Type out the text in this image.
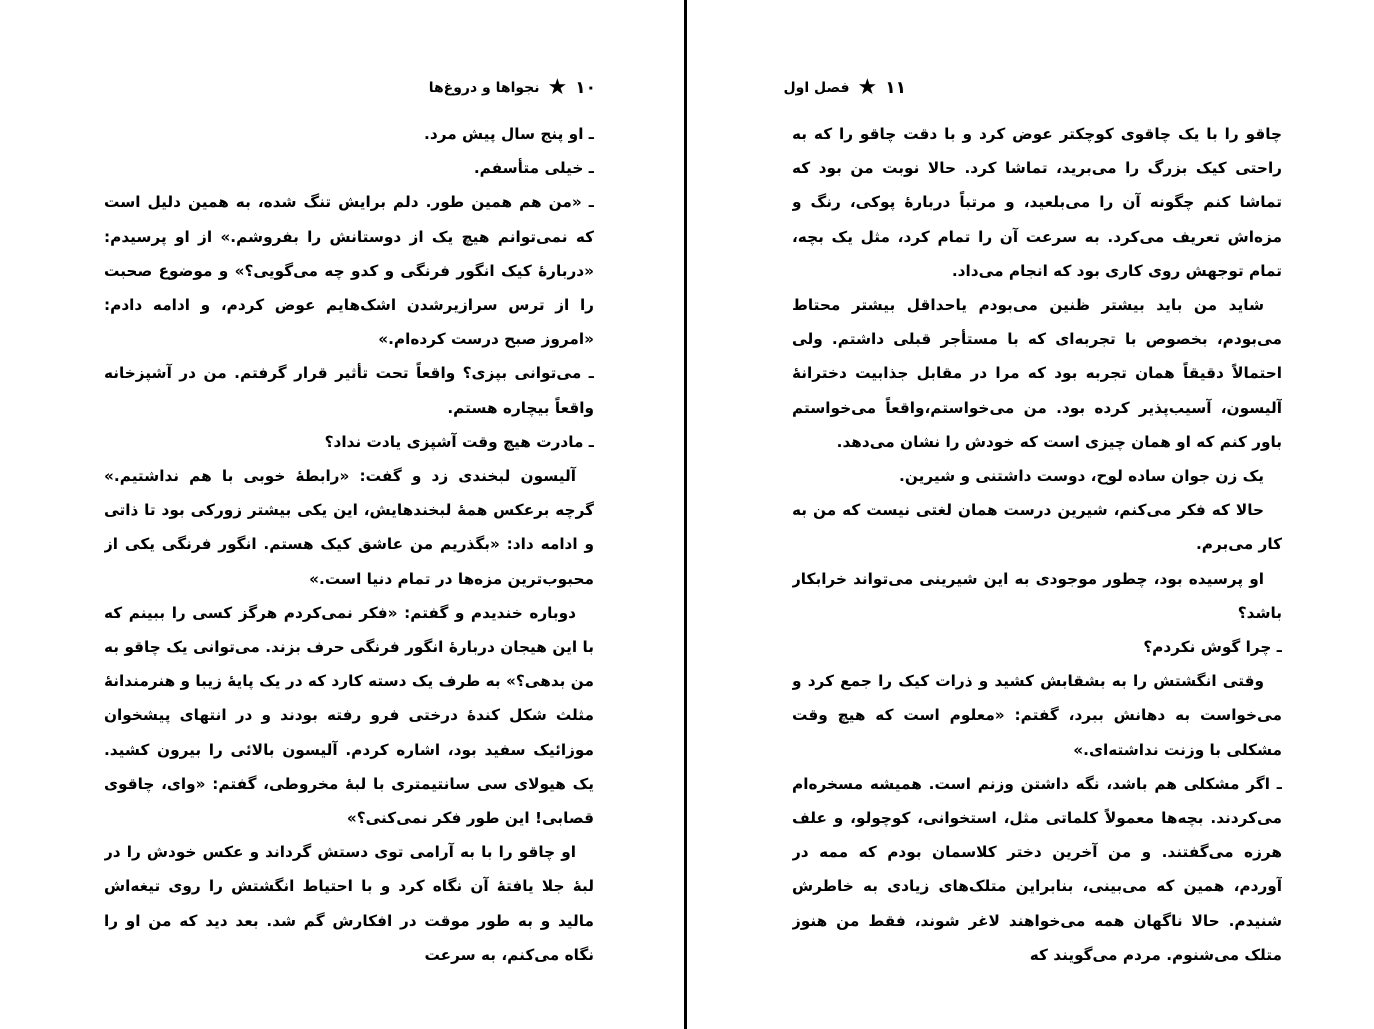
١٠
★
نجواها و دروغ‌ها

ـ او پنج سال پیش مرد.

ـ خیلی متأسفم.

ـ «من هم همین طور. دلم برایش تنگ شده، به همین دلیل است که نمی‌توانم هیچ یک از دوستانش را بفروشم.» از او پرسیدم: «دربارهٔ کیک انگور فرنگی و کدو چه می‌گویی؟» و موضوع صحبت را از ترس سرازیرشدن اشک‌هایم عوض کردم، و ادامه دادم: «امروز صبح درست کرده‌ام.»

ـ می‌توانی بپزی؟ واقعاً تحت تأثیر قرار گرفتم. من در آشپزخانه واقعاً بیچاره هستم.

ـ مادرت هیچ وقت آشپزی یادت نداد؟

آلیسون لبخندی زد و گفت: «رابطهٔ خوبی با هم نداشتیم.» گرچه برعکس همهٔ لبخندهایش، این یکی بیشتر زورکی بود تا ذاتی و ادامه داد: «بگذریم من عاشق کیک هستم. انگور فرنگی یکی از محبوب‌ترین مزه‌ها در تمام دنیا است.»

دوباره خندیدم و گفتم: «فکر نمی‌کردم هرگز کسی را ببینم که با این هیجان دربارهٔ انگور فرنگی حرف بزند. می‌توانی یک چاقو به من بدهی؟» به طرف یک دسته کارد که در یک پایهٔ زیبا و هنرمندانهٔ مثلث شکل کندهٔ درختی فرو رفته بودند و در انتهای پیشخوان موزائیک سفید بود، اشاره کردم. آلیسون بالائی را بیرون کشید. یک هیولای سی سانتیمتری با لبهٔ مخروطی، گفتم: «وای، چاقوی قصابی! این طور فکر نمی‌کنی؟»

او چاقو را با به آرامی توی دستش گرداند و عکس خودش را در لبهٔ جلا یافتهٔ آن نگاه کرد و با احتیاط انگشتش را روی تیغه‌اش مالید و به طور موقت در افکارش گم شد. بعد دید که من او را نگاه می‌کنم، به سرعت

١١
★
فصل اول

چاقو را با یک چاقوی کوچکتر عوض کرد و با دقت چاقو را که به راحتی کیک بزرگ را می‌برید، تماشا کرد. حالا نوبت من بود که تماشا کنم چگونه آن را می‌بلعید، و مرتباً دربارهٔ پوکی، رنگ و مزه‌اش تعریف می‌کرد. به سرعت آن را تمام کرد، مثل یک بچه، تمام توجهش روی کاری بود که انجام می‌داد.

شاید من باید بیشتر ظنین می‌بودم یاحداقل بیشتر محتاط می‌بودم، بخصوص با تجربه‌ای که با مستأجر قبلی داشتم. ولی احتمالاً دقیقاً همان تجربه بود که مرا در مقابل جذابیت دخترانهٔ آلیسون، آسیب‌پذیر کرده بود. من می‌خواستم،واقعاً می‌خواستم باور کنم که او همان چیزی است که خودش را نشان می‌دهد.

یک زن جوان ساده لوح، دوست داشتنی و شیرین.

حالا که فکر می‌کنم، شیرین درست همان لغتی نیست که من به کار می‌برم.

او پرسیده بود، چطور موجودی به این شیرینی می‌تواند خرابکار باشد؟

ـ چرا گوش نکردم؟

وقتی انگشتش را به بشقابش کشید و ذرات کیک را جمع کرد و می‌خواست به دهانش ببرد، گفتم: «معلوم است که هیچ وقت مشکلی با وزنت نداشته‌ای.»

ـ اگر مشکلی هم باشد، نگه داشتن وزنم است. همیشه مسخره‌ام می‌کردند. بچه‌ها معمولاً کلماتی مثل، استخوانی، کوچولو، و علف هرزه می‌گفتند. و من آخرین دختر کلاسمان بودم که ممه در آوردم، همین که می‌بینی، بنابراین متلک‌های زیادی به خاطرش شنیدم. حالا ناگهان همه می‌خواهند لاغر شوند، فقط من هنوز متلک می‌شنوم. مردم می‌گویند که
